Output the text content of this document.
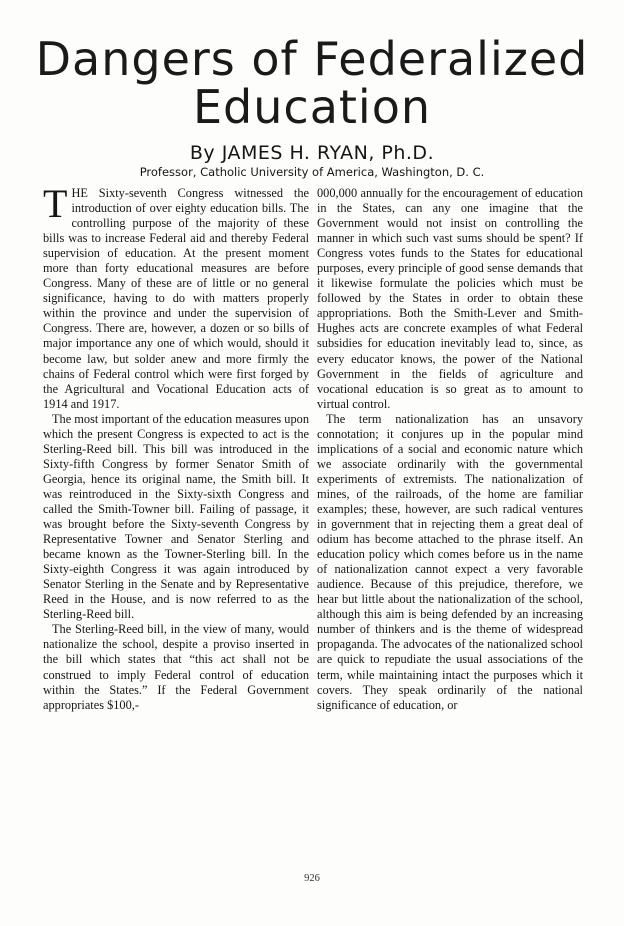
Dangers of Federalized
Education
By JAMES H. RYAN, Ph.D.
Professor, Catholic University of America, Washington, D. C.

THE Sixty-seventh Congress witnessed the introduction of over eighty education bills. The controlling purpose of the majority of these bills was to increase Federal aid and thereby Federal supervision of education. At the present moment more than forty educational measures are before Congress. Many of these are of little or no general significance, having to do with matters properly within the province and under the supervision of Congress. There are, however, a dozen or so bills of major importance any one of which would, should it become law, but solder anew and more firmly the chains of Federal control which were first forged by the Agricultural and Vocational Education acts of 1914 and 1917.

The most important of the education measures upon which the present Congress is expected to act is the Sterling-Reed bill. This bill was introduced in the Sixty-fifth Congress by former Senator Smith of Georgia, hence its original name, the Smith bill. It was reintroduced in the Sixty-sixth Congress and called the Smith-Towner bill. Failing of passage, it was brought before the Sixty-seventh Congress by Representative Towner and Senator Sterling and became known as the Towner-Sterling bill. In the Sixty-eighth Congress it was again introduced by Senator Sterling in the Senate and by Representative Reed in the House, and is now referred to as the Sterling-Reed bill.

The Sterling-Reed bill, in the view of many, would nationalize the school, despite a proviso inserted in the bill which states that “this act shall not be construed to imply Federal control of education within the States.” If the Federal Government appropriates $100,-

000,000 annually for the encouragement of education in the States, can any one imagine that the Government would not insist on controlling the manner in which such vast sums should be spent? If Congress votes funds to the States for educational purposes, every principle of good sense demands that it likewise formulate the policies which must be followed by the States in order to obtain these appropriations. Both the Smith-Lever and Smith-Hughes acts are concrete examples of what Federal subsidies for education inevitably lead to, since, as every educator knows, the power of the National Government in the fields of agriculture and vocational education is so great as to amount to virtual control.

The term nationalization has an unsavory connotation; it conjures up in the popular mind implications of a social and economic nature which we associate ordinarily with the governmental experiments of extremists. The nationalization of mines, of the railroads, of the home are familiar examples; these, however, are such radical ventures in government that in rejecting them a great deal of odium has become attached to the phrase itself. An education policy which comes before us in the name of nationalization cannot expect a very favorable audience. Because of this prejudice, therefore, we hear but little about the nationalization of the school, although this aim is being defended by an increasing number of thinkers and is the theme of widespread propaganda. The advocates of the nationalized school are quick to repudiate the usual associations of the term, while maintaining intact the purposes which it covers. They speak ordinarily of the national significance of education, or

926
